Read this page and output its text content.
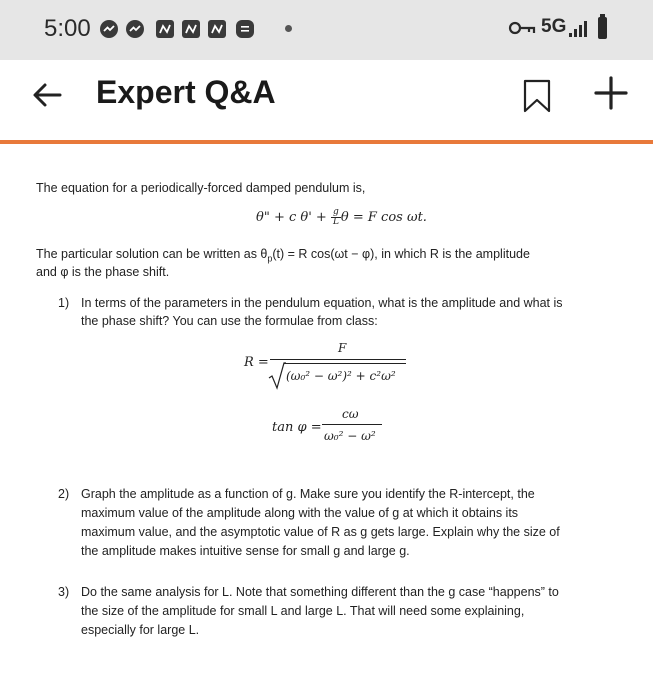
5:00	5G
Expert Q&A
The equation for a periodically-forced damped pendulum is,
θ" + c $\theta' + \frac{g}{L}$ θ = F cos ωt.
The particular solution can be written as $\theta_p(t) = R$ cos(ωt − φ), in which R is the amplitude
and φ is the phase shift.
1) In terms of the parameters in the pendulum equation, what is the amplitude and what is
the phase shift? You can use the formulae from class:
R =
F
(ω₀² − ω²)² + c²ω²
tan φ =
cω
ω₀² − ω²
2) Graph the amplitude as a function of g. Make sure you identify the R-intercept, the
maximum value of the amplitude along with the value of g at which it obtains its
maximum value, and the asymptotic value of R as g gets large. Explain why the size of
the amplitude makes intuitive sense for small g and large g.
3) Do the same analysis for L. Note that something different than the g case “happens” to
the size of the amplitude for small L and large L. That will need some explaining,
especially for large L.
